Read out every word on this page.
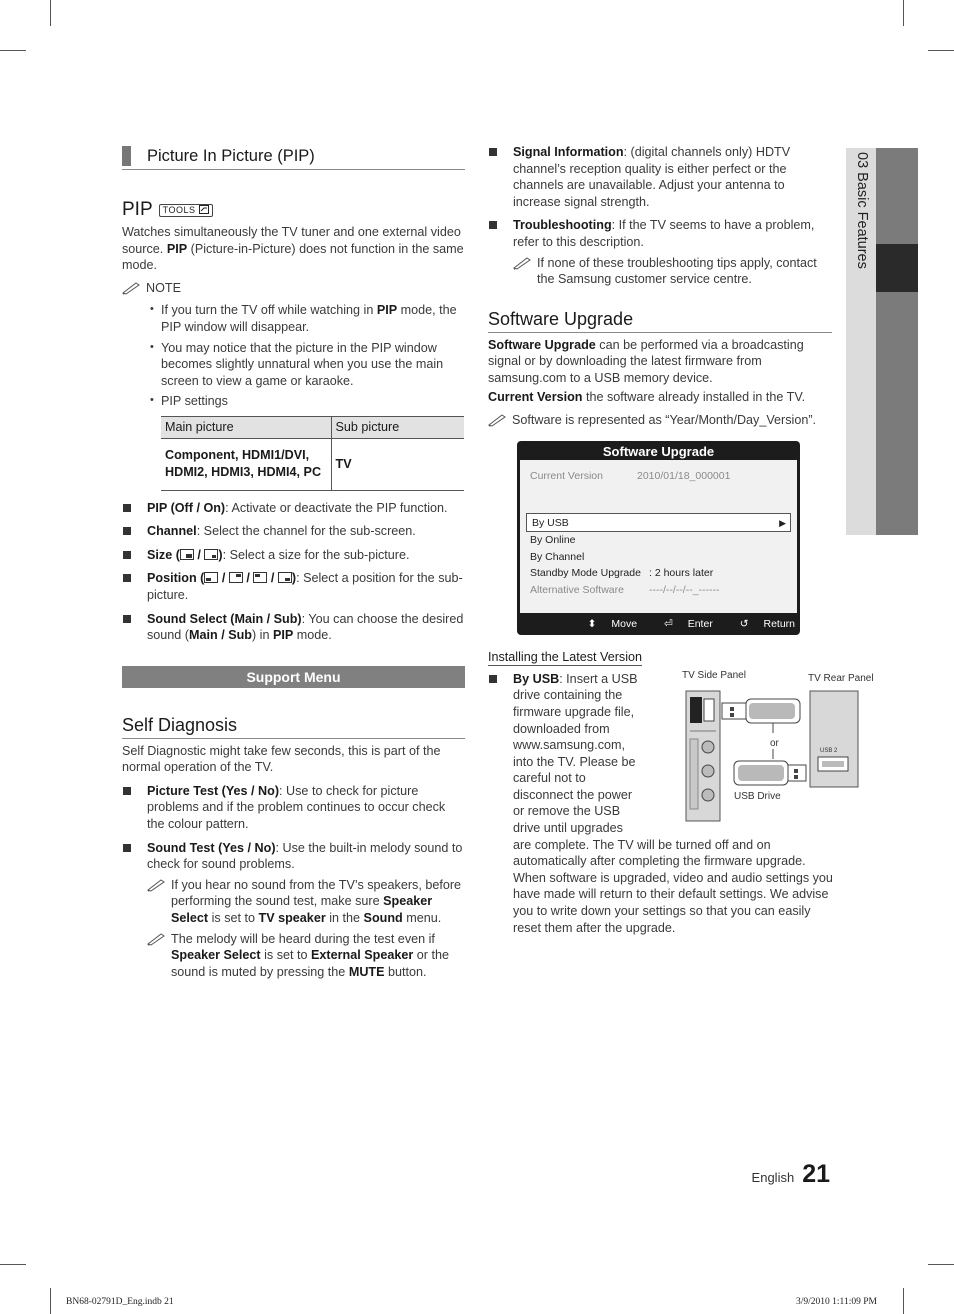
Picture In Picture (PIP)
PIP	TOOLS

Watches simultaneously the TV tuner and one external video source. PIP (Picture-in-Picture) does not function in the same mode.

NOTE
• If you turn the TV off while watching in PIP mode, the PIP window will disappear.
• You may notice that the picture in the PIP window becomes slightly unnatural when you use the main screen to view a game or karaoke.
• PIP settings
Main picture	Sub picture
Component, HDMI1/DVI, HDMI2, HDMI3, HDMI4, PC	TV
PIP (Off / On): Activate or deactivate the PIP function.
Channel: Select the channel for the sub-screen.
Size ( / ): Select a size for the sub-picture.
Position ( / / / ): Select a position for the sub-picture.
Sound Select (Main / Sub): You can choose the desired sound (Main / Sub) in PIP mode.
Support Menu
Self Diagnosis

Self Diagnostic might take few seconds, this is part of the normal operation of the TV.

Picture Test (Yes / No): Use to check for picture problems and if the problem continues to occur check the colour pattern.
Sound Test (Yes / No): Use the built-in melody sound to check for sound problems.
If you hear no sound from the TV’s speakers, before performing the sound test, make sure Speaker Select is set to TV speaker in the Sound menu.
The melody will be heard during the test even if Speaker Select is set to External Speaker or the sound is muted by pressing the MUTE button.
Signal Information: (digital channels only) HDTV channel’s reception quality is either perfect or the channels are unavailable. Adjust your antenna to increase signal strength.
Troubleshooting: If the TV seems to have a problem, refer to this description.
If none of these troubleshooting tips apply, contact the Samsung customer service centre.
Software Upgrade

Software Upgrade can be performed via a broadcasting signal or by downloading the latest firmware from samsung.com to a USB memory device.

Current Version the software already installed in the TV.

Software is represented as “Year/Month/Day_Version”.
Software Upgrade
Current Version	2010/01/18_000001
By USB	▶
By Online
By Channel
Standby Mode Upgrade : 2 hours later
Alternative Software ----/--/--/--_------
⬍ Move	⏎ Enter	↺ Return
Installing the Latest Version
By USB: Insert a USB drive containing the firmware upgrade file, downloaded from www.samsung.com, into the TV. Please be careful not to disconnect the power or remove the USB drive until upgrades are complete. The TV will be turned off and on automatically after completing the firmware upgrade. When software is upgraded, video and audio settings you have made will return to their default settings. We advise you to write down your settings so that you can easily reset them after the upgrade.
TV Side Panel	TV Rear Panel
or
USB Drive
USB 2
03 Basic Features
English 21
BN68-02791D_Eng.indb 21	3/9/2010 1:11:09 PM
